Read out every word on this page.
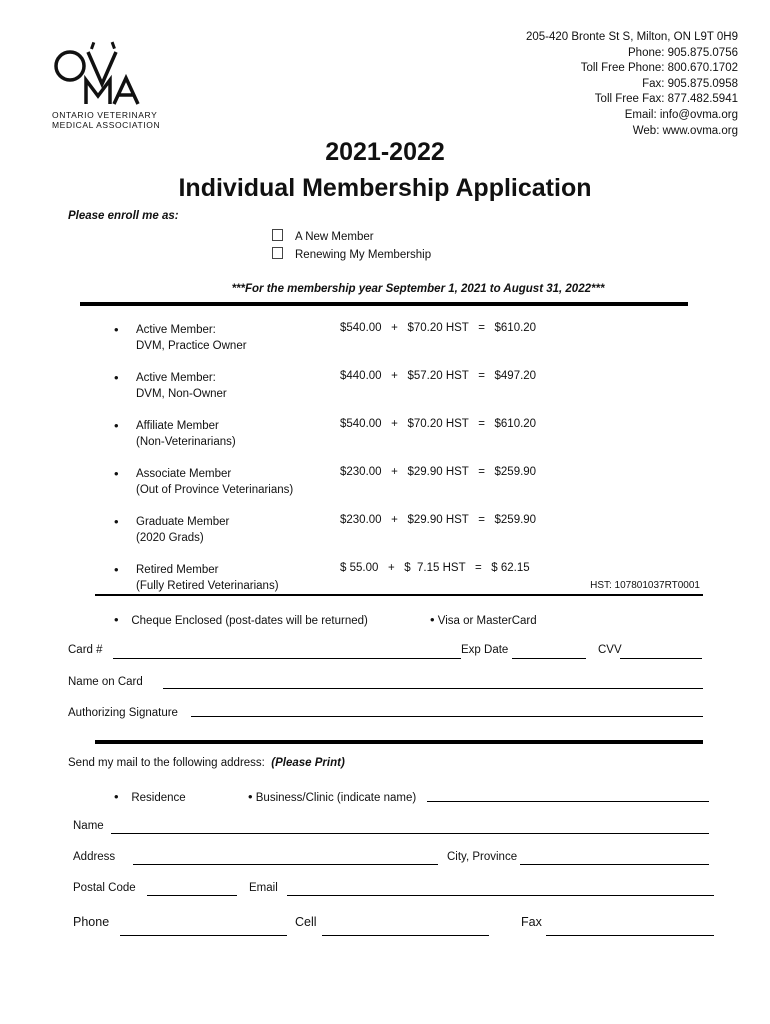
ONTARIO VETERINARY
MEDICAL ASSOCIATION
205-420 Bronte St S, Milton, ON L9T 0H9
Phone: 905.875.0756
Toll Free Phone: 800.670.1702
Fax: 905.875.0958
Toll Free Fax: 877.482.5941
Email: info@ovma.org
Web: www.ovma.org
2021-2022
Individual Membership Application
Please enroll me as:
A New Member
Renewing My Membership
***For the membership year September 1, 2021 to August 31, 2022***
• Active Member:
DVM, Practice Owner
$540.00   +   $70.20 HST   =   $610.20
• Active Member:
DVM, Non-Owner
$440.00   +   $57.20 HST   =   $497.20
• Affiliate Member
(Non-Veterinarians)
$540.00   +   $70.20 HST   =   $610.20
• Associate Member
(Out of Province Veterinarians)
$230.00   +   $29.90 HST   =   $259.90
• Graduate Member
(2020 Grads)
$230.00   +   $29.90 HST   =   $259.90
• Retired Member
(Fully Retired Veterinarians)
$ 55.00   +   $  7.15 HST   =   $ 62.15
HST: 107801037RT0001
• Cheque Enclosed (post-dates will be returned)	• Visa or MasterCard
Card #	Exp Date	CVV
Name on Card
Authorizing Signature
Send my mail to the following address: (Please Print)
• Residence	• Business/Clinic (indicate name)
Name
Address	City, Province
Postal Code	Email
Phone	Cell	Fax
